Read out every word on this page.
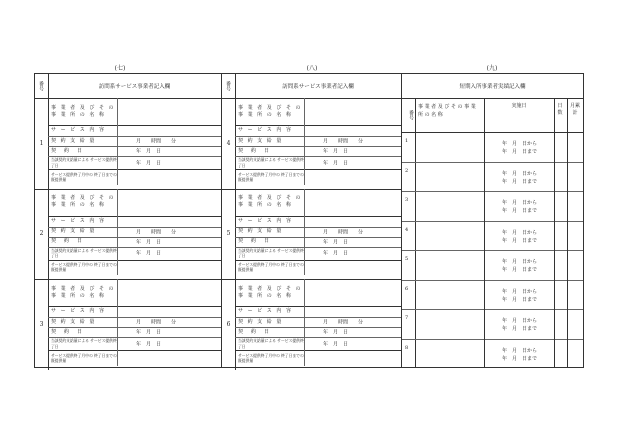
(七)	(八)	(九)
番号	訪問系サービス事業者記入欄
1
事 業 者 及 び そ の 事 業 所 の 名 称
サ ー ビ ス 内 容
契 約 支 給 量	月　　時間　　分
契　約　日	年　月　日
当該契約支給量による サービス提供終了日	年　月　日
サービス提供終了月中の 終了日までの既提供量
2
事 業 者 及 び そ の 事 業 所 の 名 称
サ ー ビ ス 内 容
契 約 支 給 量	月　　時間　　分
契　約　日	年　月　日
当該契約支給量による サービス提供終了日	年　月　日
サービス提供終了月中の 終了日までの既提供量
3
事 業 者 及 び そ の 事 業 所 の 名 称
サ ー ビ ス 内 容
契 約 支 給 量	月　　時間　　分
契　約　日	年　月　日
当該契約支給量による サービス提供終了日	年　月　日
サービス提供終了月中の 終了日までの既提供量
番号	訪問系サービス事業者記入欄
4
事 業 者 及 び そ の 事 業 所 の 名 称
サ ー ビ ス 内 容
契 約 支 給 量	月　　時間　　分
契　約　日	年　月　日
当該契約支給量による サービス提供終了日	年　月　日
サービス提供終了月中の 終了日までの既提供量
5
事 業 者 及 び そ の 事 業 所 の 名 称
サ ー ビ ス 内 容
契 約 支 給 量	月　　時間　　分
契　約　日	年　月　日
当該契約支給量による サービス提供終了日	年　月　日
サービス提供終了月中の 終了日までの既提供量
6
事 業 者 及 び そ の 事 業 所 の 名 称
サ ー ビ ス 内 容
契 約 支 給 量	月　　時間　　分
契　約　日	年　月　日
当該契約支給量による サービス提供終了日	年　月　日
サービス提供終了月中の 終了日までの既提供量
短期入所事業者実績記入欄
番号
事 業 者 及 び そ の 事 業 所 の 名 称
実施日	日数
月累計
1	年　月　日から
年　月　日まで
2	年　月　日から
年　月　日まで
3	年　月　日から
年　月　日まで
4	年　月　日から
年　月　日まで
5	年　月　日から
年　月　日まで
6	年　月　日から
年　月　日まで
7	年　月　日から
年　月　日まで
8	年　月　日から
年　月　日まで
